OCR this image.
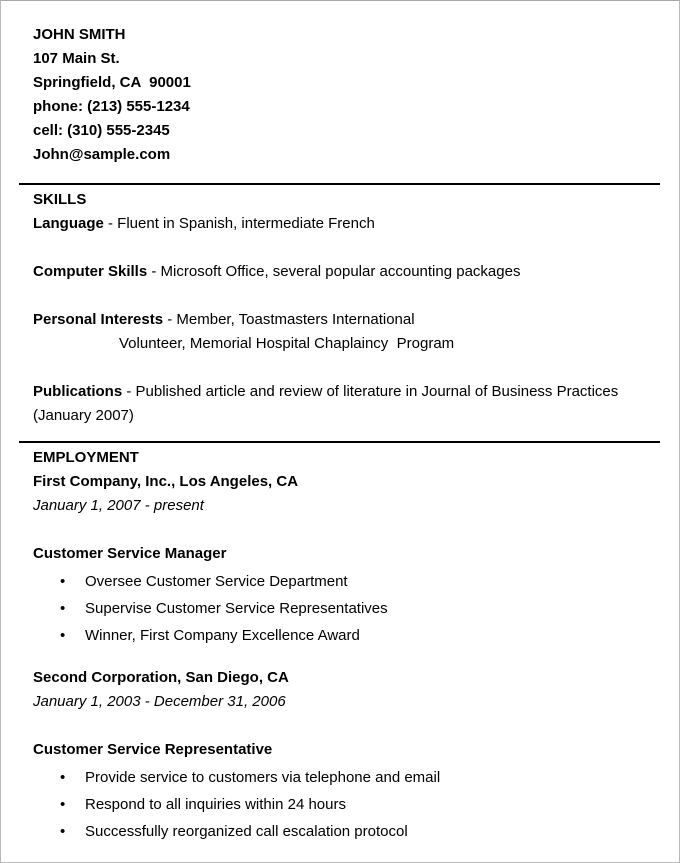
JOHN SMITH
107 Main St.
Springfield, CA  90001
phone: (213) 555-1234
cell: (310) 555-2345
John@sample.com
SKILLS
Language - Fluent in Spanish, intermediate French
Computer Skills - Microsoft Office, several popular accounting packages
Personal Interests - Member, Toastmasters International
Volunteer, Memorial Hospital Chaplaincy  Program
Publications - Published article and review of literature in Journal of Business Practices (January 2007)
EMPLOYMENT
First Company, Inc., Los Angeles, CA
January 1, 2007 - present
Customer Service Manager
• Oversee Customer Service Department
• Supervise Customer Service Representatives
• Winner, First Company Excellence Award
Second Corporation, San Diego, CA
January 1, 2003 - December 31, 2006
Customer Service Representative
• Provide service to customers via telephone and email
• Respond to all inquiries within 24 hours
• Successfully reorganized call escalation protocol
